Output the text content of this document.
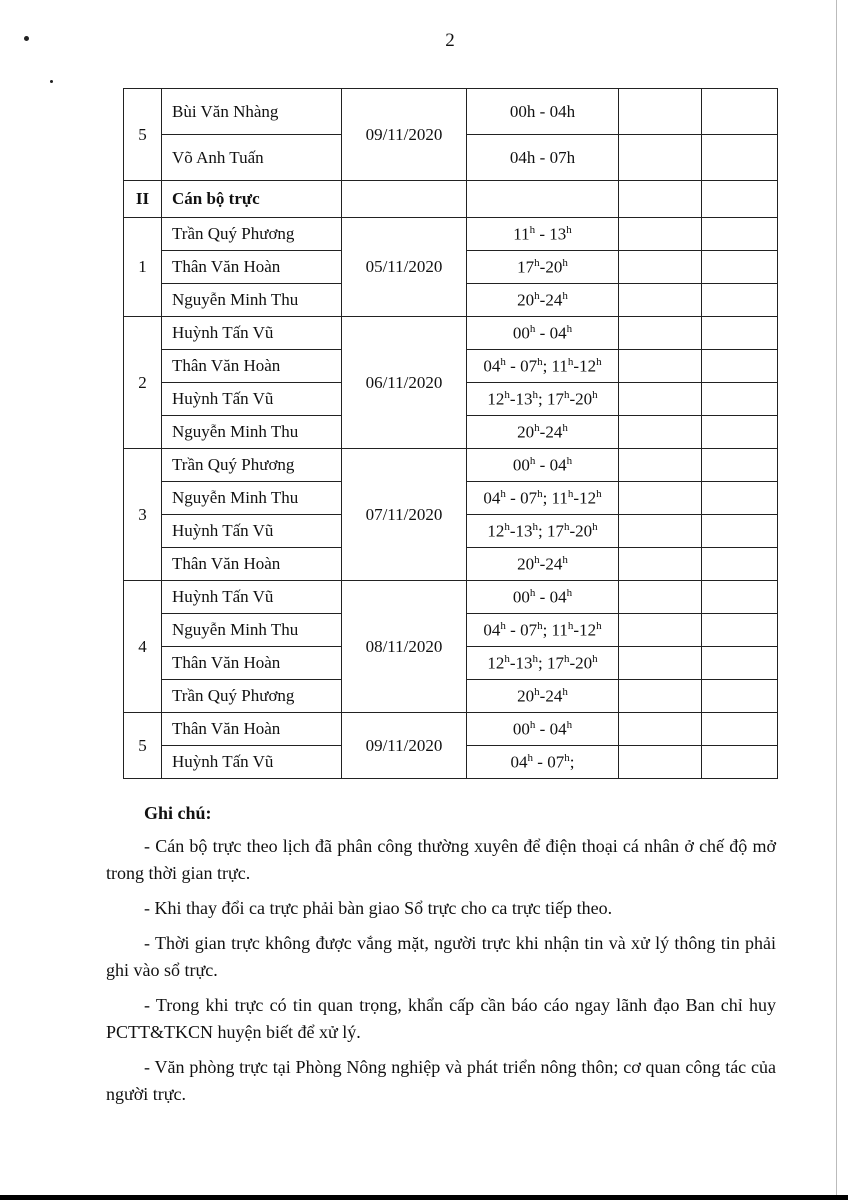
2
5	Bùi Văn Nhàng	09/11/2020	00h - 04h		
	Võ Anh Tuấn		04h - 07h		
II	Cán bộ trực				
1	Trần Quý Phương	05/11/2020	11$^h$ - 13$^h$		
	Thân Văn Hoàn		17$^h$-20$^h$		
	Nguyễn Minh Thu		20$^h$-24$^h$		
2	Huỳnh Tấn Vũ	06/11/2020	00$^h$ - 04$^h$		
	Thân Văn Hoàn		04$^h$ - 07$^h$; 11$^h$-12$^h$		
	Huỳnh Tấn Vũ		12$^h$-13$^h$; 17$^h$-20$^h$		
	Nguyễn Minh Thu		20$^h$-24$^h$		
3	Trần Quý Phương	07/11/2020	00$^h$ - 04$^h$		
	Nguyễn Minh Thu		04$^h$ - 07$^h$; 11$^h$-12$^h$		
	Huỳnh Tấn Vũ		12$^h$-13$^h$; 17$^h$-20$^h$		
	Thân Văn Hoàn		20$^h$-24$^h$		
4	Huỳnh Tấn Vũ	08/11/2020	00$^h$ - 04$^h$		
	Nguyễn Minh Thu		04$^h$ - 07$^h$; 11$^h$-12$^h$		
	Thân Văn Hoàn		12$^h$-13$^h$; 17$^h$-20$^h$		
	Trần Quý Phương		20$^h$-24$^h$		
5	Thân Văn Hoàn	09/11/2020	00$^h$ - 04$^h$		
	Huỳnh Tấn Vũ		04$^h$ - 07$^h$;		
Ghi chú:

- Cán bộ trực theo lịch đã phân công thường xuyên để điện thoại cá nhân ở chế độ mở trong thời gian trực.

- Khi thay đổi ca trực phải bàn giao Sổ trực cho ca trực tiếp theo.

- Thời gian trực không được vắng mặt, người trực khi nhận tin và xử lý thông tin phải ghi vào sổ trực.

- Trong khi trực có tin quan trọng, khẩn cấp cần báo cáo ngay lãnh đạo Ban chỉ huy PCTT&TKCN huyện biết để xử lý.

- Văn phòng trực tại Phòng Nông nghiệp và phát triển nông thôn; cơ quan công tác của người trực.
